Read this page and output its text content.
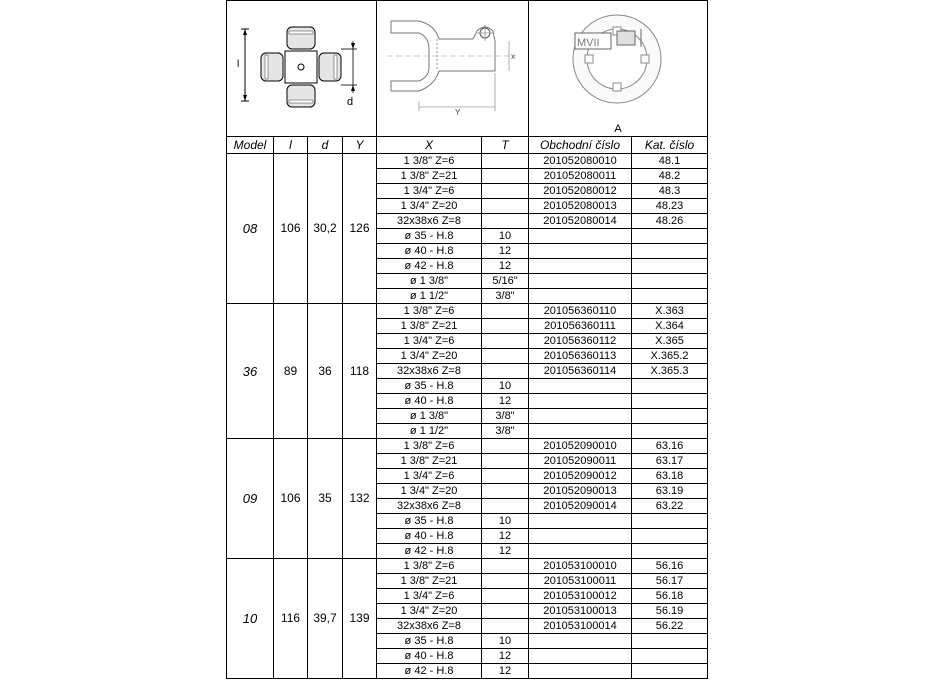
l
d				x
Y		MVII
A	

Model	l	d	Y	X	T	Obchodní číslo	Kat. číslo
08	106	30,2	126	1 3/8" Z=6		201052080010	48.1
				1 3/8" Z=21		201052080011	48.2
				1 3/4" Z=6		201052080012	48.3
				1 3/4" Z=20		201052080013	48.23
				32x38x6 Z=8		201052080014	48.26
				ø 35 - H.8	10		
				ø 40 - H.8	12		
				ø 42 - H.8	12		
				ø 1 3/8"	5/16"		
				ø 1 1/2"	3/8"		
36	89	36	118	1 3/8" Z=6		201056360110	X.363
				1 3/8" Z=21		201056360111	X.364
				1 3/4" Z=6		201056360112	X.365
				1 3/4" Z=20		201056360113	X.365.2
				32x38x6 Z=8		201056360114	X.365.3
				ø 35 - H.8	10		
				ø 40 - H.8	12		
				ø 1 3/8"	3/8"		
				ø 1 1/2"	3/8"		
09	106	35	132	1 3/8" Z=6		201052090010	63.16
				1 3/8" Z=21		201052090011	63.17
				1 3/4" Z=6		201052090012	63.18
				1 3/4" Z=20		201052090013	63.19
				32x38x6 Z=8		201052090014	63.22
				ø 35 - H.8	10		
				ø 40 - H.8	12		
				ø 42 - H.8	12		
10	116	39,7	139	1 3/8" Z=6		201053100010	56.16
				1 3/8" Z=21		201053100011	56.17
				1 3/4" Z=6		201053100012	56.18
				1 3/4" Z=20		201053100013	56.19
				32x38x6 Z=8		201053100014	56.22
				ø 35 - H.8	10		
				ø 40 - H.8	12		
				ø 42 - H.8	12		
